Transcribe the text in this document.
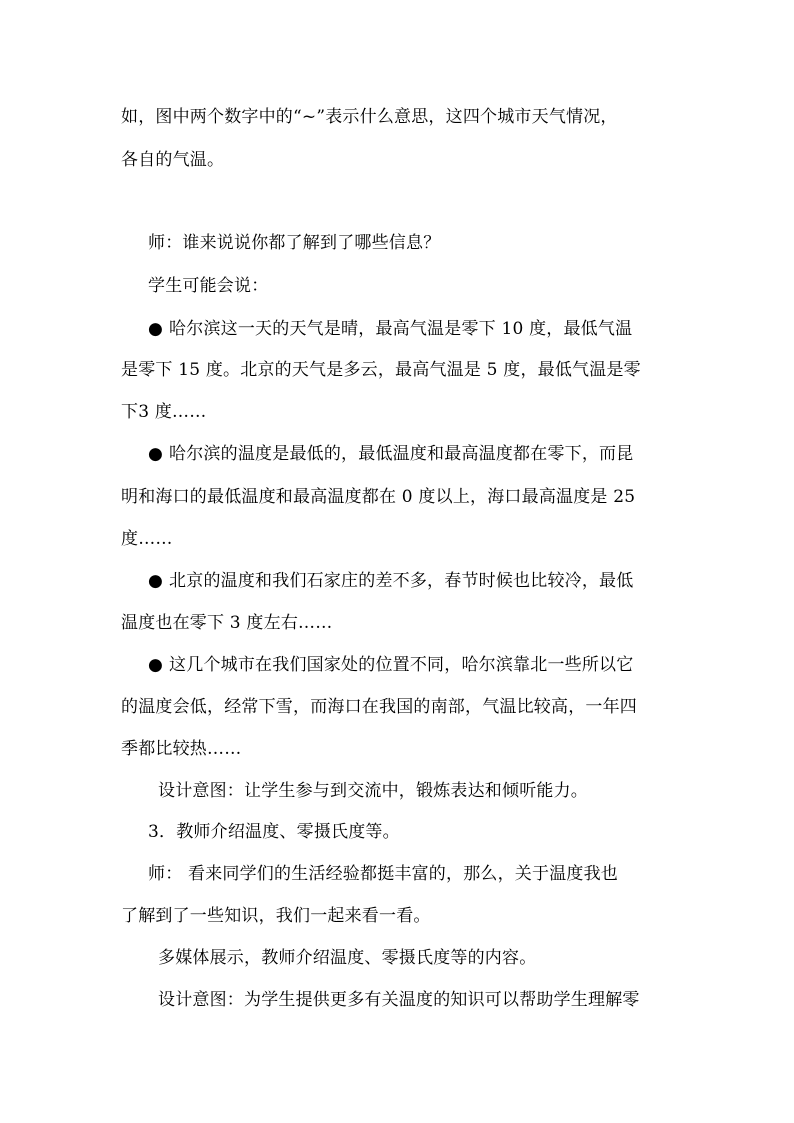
如，图中两个数字中的“~”表示什么意思，这四个城市天气情况，
各自的气温。
师：谁来说说你都了解到了哪些信息？
学生可能会说：
● 哈尔滨这一天的天气是晴，最高气温是零下 10 度，最低气温
是零下 15 度。北京的天气是多云，最高气温是 5 度，最低气温是零
下3 度……
● 哈尔滨的温度是最低的，最低温度和最高温度都在零下，而昆
明和海口的最低温度和最高温度都在 0 度以上，海口最高温度是 25
度……
● 北京的温度和我们石家庄的差不多，春节时候也比较冷，最低
温度也在零下 3 度左右……
● 这几个城市在我们国家处的位置不同，哈尔滨靠北一些所以它
的温度会低，经常下雪，而海口在我国的南部，气温比较高，一年四
季都比较热……
设计意图：让学生参与到交流中，锻炼表达和倾听能力。
3．教师介绍温度、零摄氏度等。
师： 看来同学们的生活经验都挺丰富的，那么，关于温度我也
了解到了一些知识，我们一起来看一看。
多媒体展示，教师介绍温度、零摄氏度等的内容。
设计意图：为学生提供更多有关温度的知识可以帮助学生理解零
